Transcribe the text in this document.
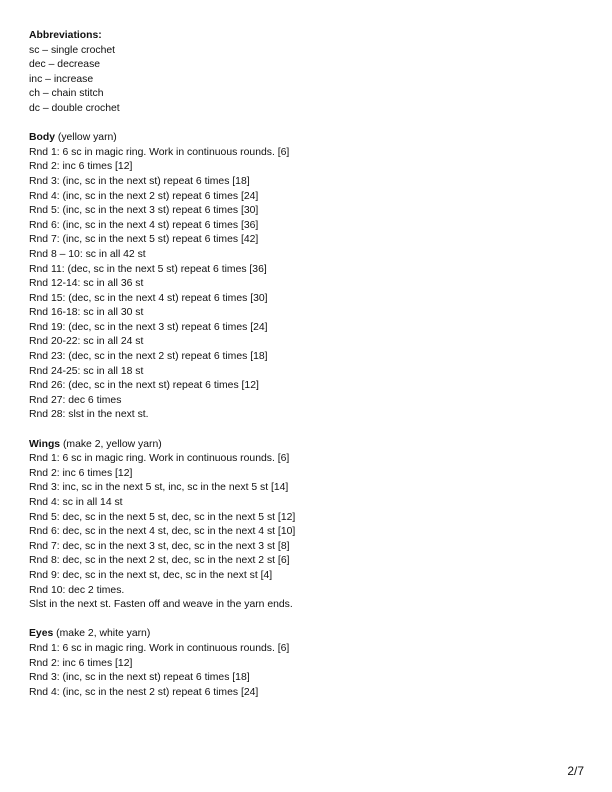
Abbreviations:
sc – single crochet
dec – decrease
inc – increase
ch – chain stitch
dc – double crochet
Body (yellow yarn)
Rnd 1: 6 sc in magic ring. Work in continuous rounds. [6]
Rnd 2: inc 6 times [12]
Rnd 3: (inc, sc in the next st) repeat 6 times [18]
Rnd 4: (inc, sc in the next 2 st) repeat 6 times [24]
Rnd 5: (inc, sc in the next 3 st) repeat 6 times [30]
Rnd 6: (inc, sc in the next 4 st) repeat 6 times [36]
Rnd 7: (inc, sc in the next 5 st) repeat 6 times [42]
Rnd 8 – 10: sc in all 42 st
Rnd 11: (dec, sc in the next 5 st) repeat 6 times [36]
Rnd 12-14: sc in all 36 st
Rnd 15: (dec, sc in the next 4 st) repeat 6 times [30]
Rnd 16-18: sc in all 30 st
Rnd 19: (dec, sc in the next 3 st) repeat 6 times [24]
Rnd 20-22: sc in all 24 st
Rnd 23: (dec, sc in the next 2 st) repeat 6 times [18]
Rnd 24-25: sc in all 18 st
Rnd 26: (dec, sc in the next st) repeat 6 times [12]
Rnd 27: dec 6 times
Rnd 28: slst in the next st.
Wings (make 2, yellow yarn)
Rnd 1: 6 sc in magic ring. Work in continuous rounds. [6]
Rnd 2: inc 6 times [12]
Rnd 3: inc, sc in the next 5 st, inc, sc in the next 5 st [14]
Rnd 4: sc in all 14 st
Rnd 5: dec, sc in the next 5 st, dec, sc in the next 5 st [12]
Rnd 6: dec, sc in the next 4 st, dec, sc in the next 4 st [10]
Rnd 7: dec, sc in the next 3 st, dec, sc in the next 3 st [8]
Rnd 8: dec, sc in the next 2 st, dec, sc in the next 2 st [6]
Rnd 9: dec, sc in the next st, dec, sc in the next st [4]
Rnd 10: dec 2 times.
Slst in the next st. Fasten off and weave in the yarn ends.
Eyes (make 2, white yarn)
Rnd 1: 6 sc in magic ring. Work in continuous rounds. [6]
Rnd 2: inc 6 times [12]
Rnd 3: (inc, sc in the next st) repeat 6 times [18]
Rnd 4: (inc, sc in the nest 2 st) repeat 6 times [24]
2/7
